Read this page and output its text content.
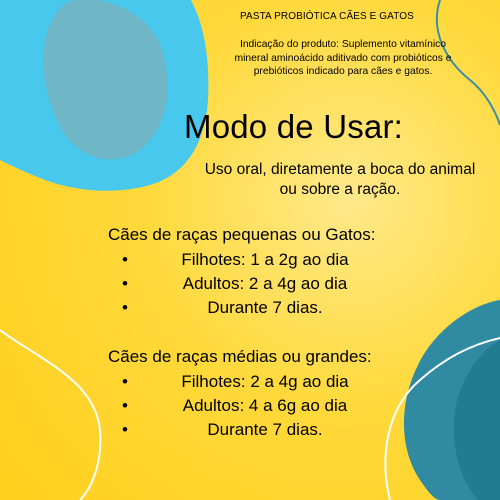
PASTA PROBIÓTICA CÃES E GATOS
Indicação do produto: Suplemento vitamínico
mineral aminoácido aditivado com probióticos e
prebióticos indicado para cães e gatos.
Modo de Usar:
Uso oral, diretamente a boca do animal
ou sobre a ração.
Cães de raças pequenas ou Gatos:
•	Filhotes: 1 a 2g ao dia
•	Adultos: 2 a 4g ao dia
•	Durante 7 dias.
Cães de raças médias ou grandes:
•	Filhotes: 2 a 4g ao dia
•	Adultos: 4 a 6g ao dia
•	Durante 7 dias.
